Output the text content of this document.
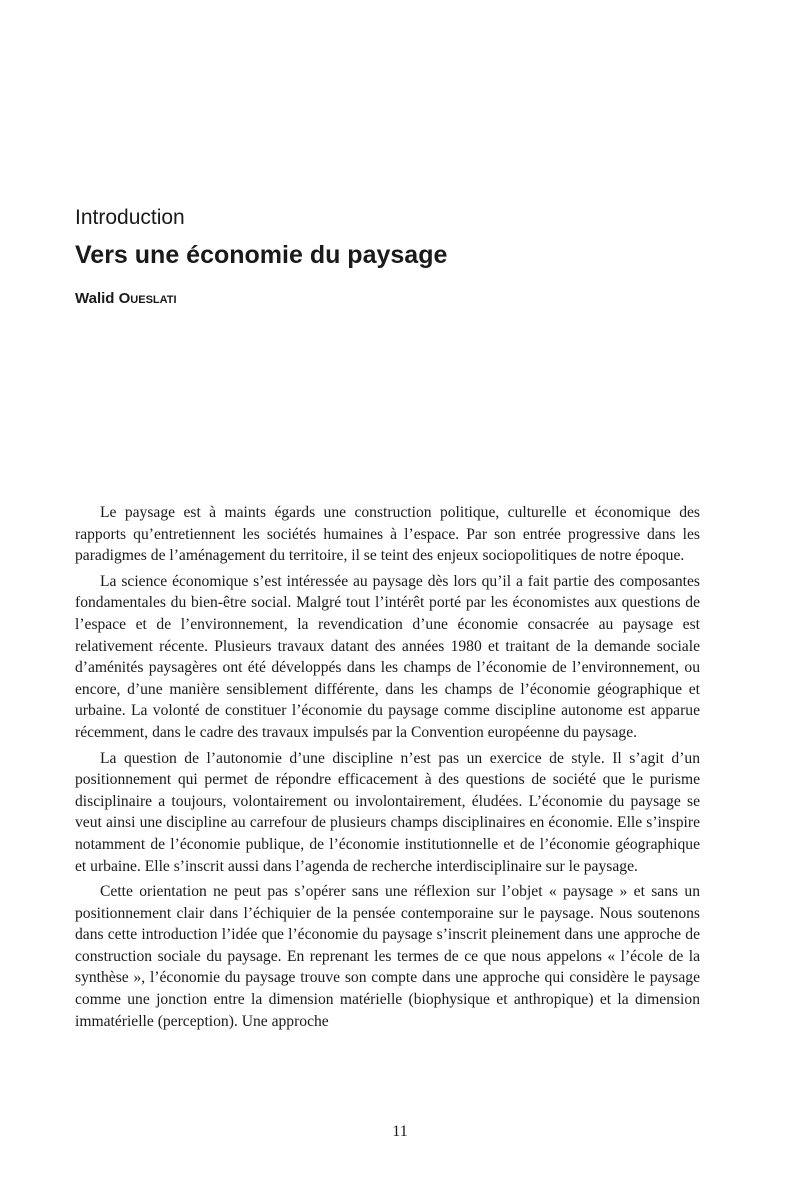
Introduction
Vers une économie du paysage
Walid Oueslati

Le paysage est à maints égards une construction politique, culturelle et économique des rapports qu’entretiennent les sociétés humaines à l’espace. Par son entrée progressive dans les paradigmes de l’aménagement du territoire, il se teint des enjeux sociopolitiques de notre époque.

La science économique s’est intéressée au paysage dès lors qu’il a fait partie des composantes fondamentales du bien-être social. Malgré tout l’intérêt porté par les économistes aux questions de l’espace et de l’environnement, la revendication d’une économie consacrée au paysage est relativement récente. Plusieurs travaux datant des années 1980 et traitant de la demande sociale d’aménités paysagères ont été développés dans les champs de l’économie de l’environnement, ou encore, d’une manière sensiblement différente, dans les champs de l’économie géographique et urbaine. La volonté de constituer l’économie du paysage comme discipline autonome est apparue récemment, dans le cadre des travaux impulsés par la Convention européenne du paysage.

La question de l’autonomie d’une discipline n’est pas un exercice de style. Il s’agit d’un positionnement qui permet de répondre efficacement à des questions de société que le purisme disciplinaire a toujours, volontairement ou involontairement, éludées. L’économie du paysage se veut ainsi une discipline au carrefour de plusieurs champs disciplinaires en économie. Elle s’inspire notamment de l’économie publique, de l’économie institutionnelle et de l’économie géographique et urbaine. Elle s’inscrit aussi dans l’agenda de recherche interdisciplinaire sur le paysage.

Cette orientation ne peut pas s’opérer sans une réflexion sur l’objet « paysage » et sans un positionnement clair dans l’échiquier de la pensée contemporaine sur le paysage. Nous soutenons dans cette introduction l’idée que l’économie du paysage s’inscrit pleinement dans une approche de construction sociale du paysage. En reprenant les termes de ce que nous appelons « l’école de la synthèse », l’économie du paysage trouve son compte dans une approche qui considère le paysage comme une jonction entre la dimension matérielle (biophysique et anthropique) et la dimension immatérielle (perception). Une approche

11
